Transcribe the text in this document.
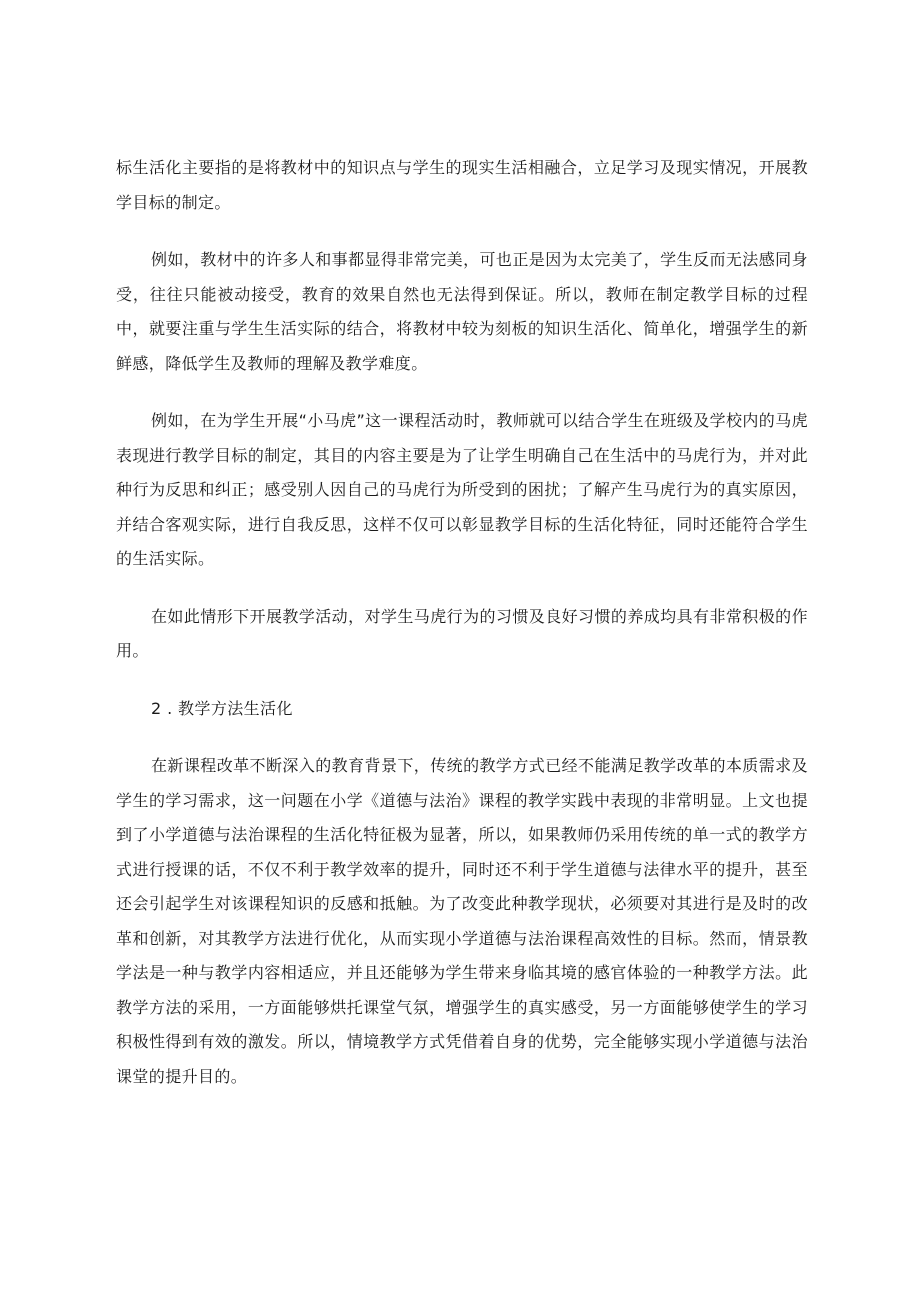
标生活化主要指的是将教材中的知识点与学生的现实生活相融合，立足学习及现实情况，开展教学目标的制定。

例如，教材中的许多人和事都显得非常完美，可也正是因为太完美了，学生反而无法感同身受，往往只能被动接受，教育的效果自然也无法得到保证。所以，教师在制定教学目标的过程中，就要注重与学生生活实际的结合，将教材中较为刻板的知识生活化、简单化，增强学生的新鲜感，降低学生及教师的理解及教学难度。

例如，在为学生开展“小马虎”这一课程活动时，教师就可以结合学生在班级及学校内的马虎表现进行教学目标的制定，其目的内容主要是为了让学生明确自己在生活中的马虎行为，并对此种行为反思和纠正；感受别人因自己的马虎行为所受到的困扰；了解产生马虎行为的真实原因，并结合客观实际，进行自我反思，这样不仅可以彰显教学目标的生活化特征，同时还能符合学生的生活实际。

在如此情形下开展教学活动，对学生马虎行为的习惯及良好习惯的养成均具有非常积极的作用。

2 . 教学方法生活化

在新课程改革不断深入的教育背景下，传统的教学方式已经不能满足教学改革的本质需求及学生的学习需求，这一问题在小学《道德与法治》课程的教学实践中表现的非常明显。上文也提到了小学道德与法治课程的生活化特征极为显著，所以，如果教师仍采用传统的单一式的教学方式进行授课的话，不仅不利于教学效率的提升，同时还不利于学生道德与法律水平的提升，甚至还会引起学生对该课程知识的反感和抵触。为了改变此种教学现状，必须要对其进行是及时的改革和创新，对其教学方法进行优化，从而实现小学道德与法治课程高效性的目标。然而，情景教学法是一种与教学内容相适应，并且还能够为学生带来身临其境的感官体验的一种教学方法。此教学方法的采用，一方面能够烘托课堂气氛，增强学生的真实感受，另一方面能够使学生的学习积极性得到有效的激发。所以，情境教学方式凭借着自身的优势，完全能够实现小学道德与法治课堂的提升目的。
